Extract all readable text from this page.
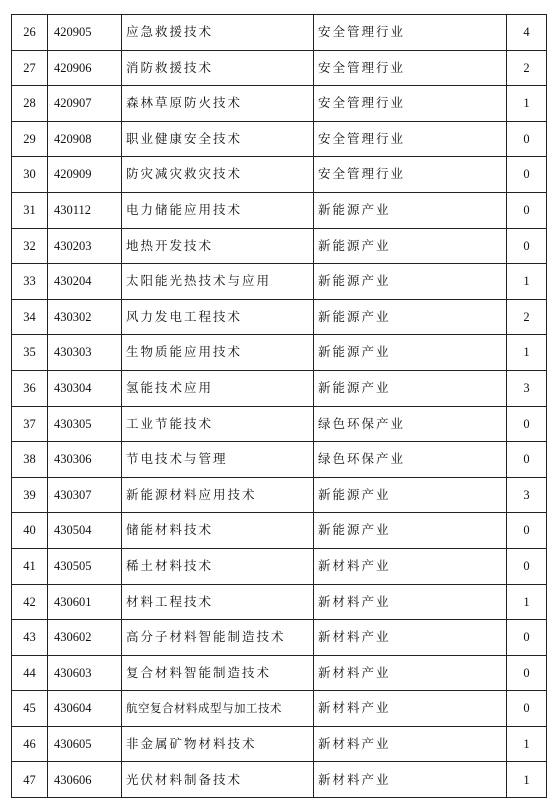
26	420905	应急救援技术	安全管理行业	4
27	420906	消防救援技术	安全管理行业	2
28	420907	森林草原防火技术	安全管理行业	1
29	420908	职业健康安全技术	安全管理行业	0
30	420909	防灾减灾救灾技术	安全管理行业	0
31	430112	电力储能应用技术	新能源产业	0
32	430203	地热开发技术	新能源产业	0
33	430204	太阳能光热技术与应用	新能源产业	1
34	430302	风力发电工程技术	新能源产业	2
35	430303	生物质能应用技术	新能源产业	1
36	430304	氢能技术应用	新能源产业	3
37	430305	工业节能技术	绿色环保产业	0
38	430306	节电技术与管理	绿色环保产业	0
39	430307	新能源材料应用技术	新能源产业	3
40	430504	储能材料技术	新能源产业	0
41	430505	稀土材料技术	新材料产业	0
42	430601	材料工程技术	新材料产业	1
43	430602	高分子材料智能制造技术	新材料产业	0
44	430603	复合材料智能制造技术	新材料产业	0
45	430604	航空复合材料成型与加工技术	新材料产业	0
46	430605	非金属矿物材料技术	新材料产业	1
47	430606	光伏材料制备技术	新材料产业	1
